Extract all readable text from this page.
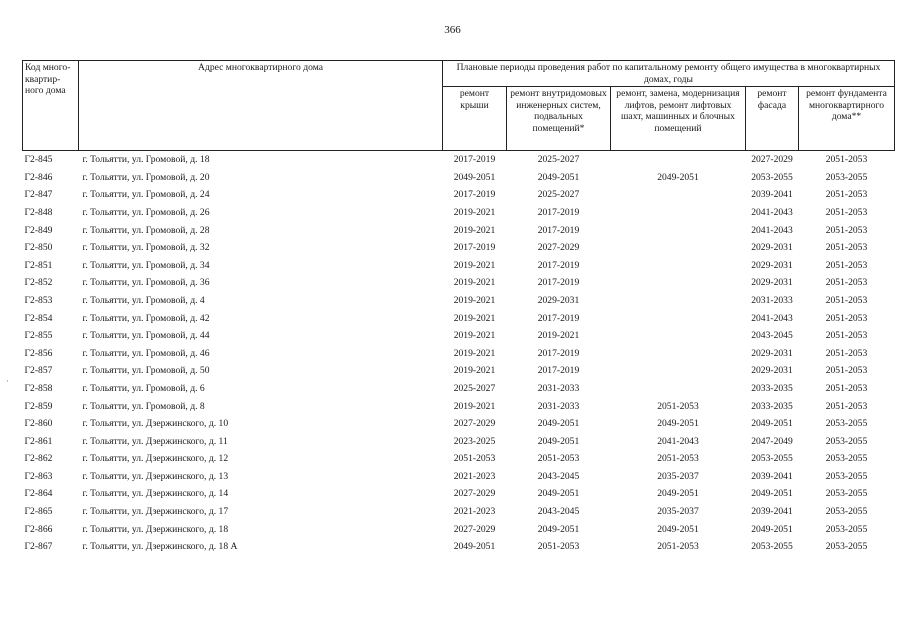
366
Код много-квартир-ного дома	Адрес многоквартирного дома	Плановые периоды проведения работ по капитальному ремонту общего имущества в многоквартирных домах, годы				
		ремонт крыши	ремонт внутридомовых инженерных систем, подвальных помещений*	ремонт, замена, модернизация лифтов, ремонт лифтовых шахт, машинных и блочных помещений	ремонт фасада	ремонт фундамента многоквартирного дома**
Г2-845	г. Тольятти, ул. Громовой, д. 18	2017-2019	2025-2027		2027-2029	2051-2053
Г2-846	г. Тольятти, ул. Громовой, д. 20	2049-2051	2049-2051	2049-2051	2053-2055	2053-2055
Г2-847	г. Тольятти, ул. Громовой, д. 24	2017-2019	2025-2027		2039-2041	2051-2053
Г2-848	г. Тольятти, ул. Громовой, д. 26	2019-2021	2017-2019		2041-2043	2051-2053
Г2-849	г. Тольятти, ул. Громовой, д. 28	2019-2021	2017-2019		2041-2043	2051-2053
Г2-850	г. Тольятти, ул. Громовой, д. 32	2017-2019	2027-2029		2029-2031	2051-2053
Г2-851	г. Тольятти, ул. Громовой, д. 34	2019-2021	2017-2019		2029-2031	2051-2053
Г2-852	г. Тольятти, ул. Громовой, д. 36	2019-2021	2017-2019		2029-2031	2051-2053
Г2-853	г. Тольятти, ул. Громовой, д. 4	2019-2021	2029-2031		2031-2033	2051-2053
Г2-854	г. Тольятти, ул. Громовой, д. 42	2019-2021	2017-2019		2041-2043	2051-2053
Г2-855	г. Тольятти, ул. Громовой, д. 44	2019-2021	2019-2021		2043-2045	2051-2053
Г2-856	г. Тольятти, ул. Громовой, д. 46	2019-2021	2017-2019		2029-2031	2051-2053
Г2-857	г. Тольятти, ул. Громовой, д. 50	2019-2021	2017-2019		2029-2031	2051-2053
Г2-858	г. Тольятти, ул. Громовой, д. 6	2025-2027	2031-2033		2033-2035	2051-2053
Г2-859	г. Тольятти, ул. Громовой, д. 8	2019-2021	2031-2033	2051-2053	2033-2035	2051-2053
Г2-860	г. Тольятти, ул. Дзержинского, д. 10	2027-2029	2049-2051	2049-2051	2049-2051	2053-2055
Г2-861	г. Тольятти, ул. Дзержинского, д. 11	2023-2025	2049-2051	2041-2043	2047-2049	2053-2055
Г2-862	г. Тольятти, ул. Дзержинского, д. 12	2051-2053	2051-2053	2051-2053	2053-2055	2053-2055
Г2-863	г. Тольятти, ул. Дзержинского, д. 13	2021-2023	2043-2045	2035-2037	2039-2041	2053-2055
Г2-864	г. Тольятти, ул. Дзержинского, д. 14	2027-2029	2049-2051	2049-2051	2049-2051	2053-2055
Г2-865	г. Тольятти, ул. Дзержинского, д. 17	2021-2023	2043-2045	2035-2037	2039-2041	2053-2055
Г2-866	г. Тольятти, ул. Дзержинского, д. 18	2027-2029	2049-2051	2049-2051	2049-2051	2053-2055
Г2-867	г. Тольятти, ул. Дзержинского, д. 18 А	2049-2051	2051-2053	2051-2053	2053-2055	2053-2055
·
